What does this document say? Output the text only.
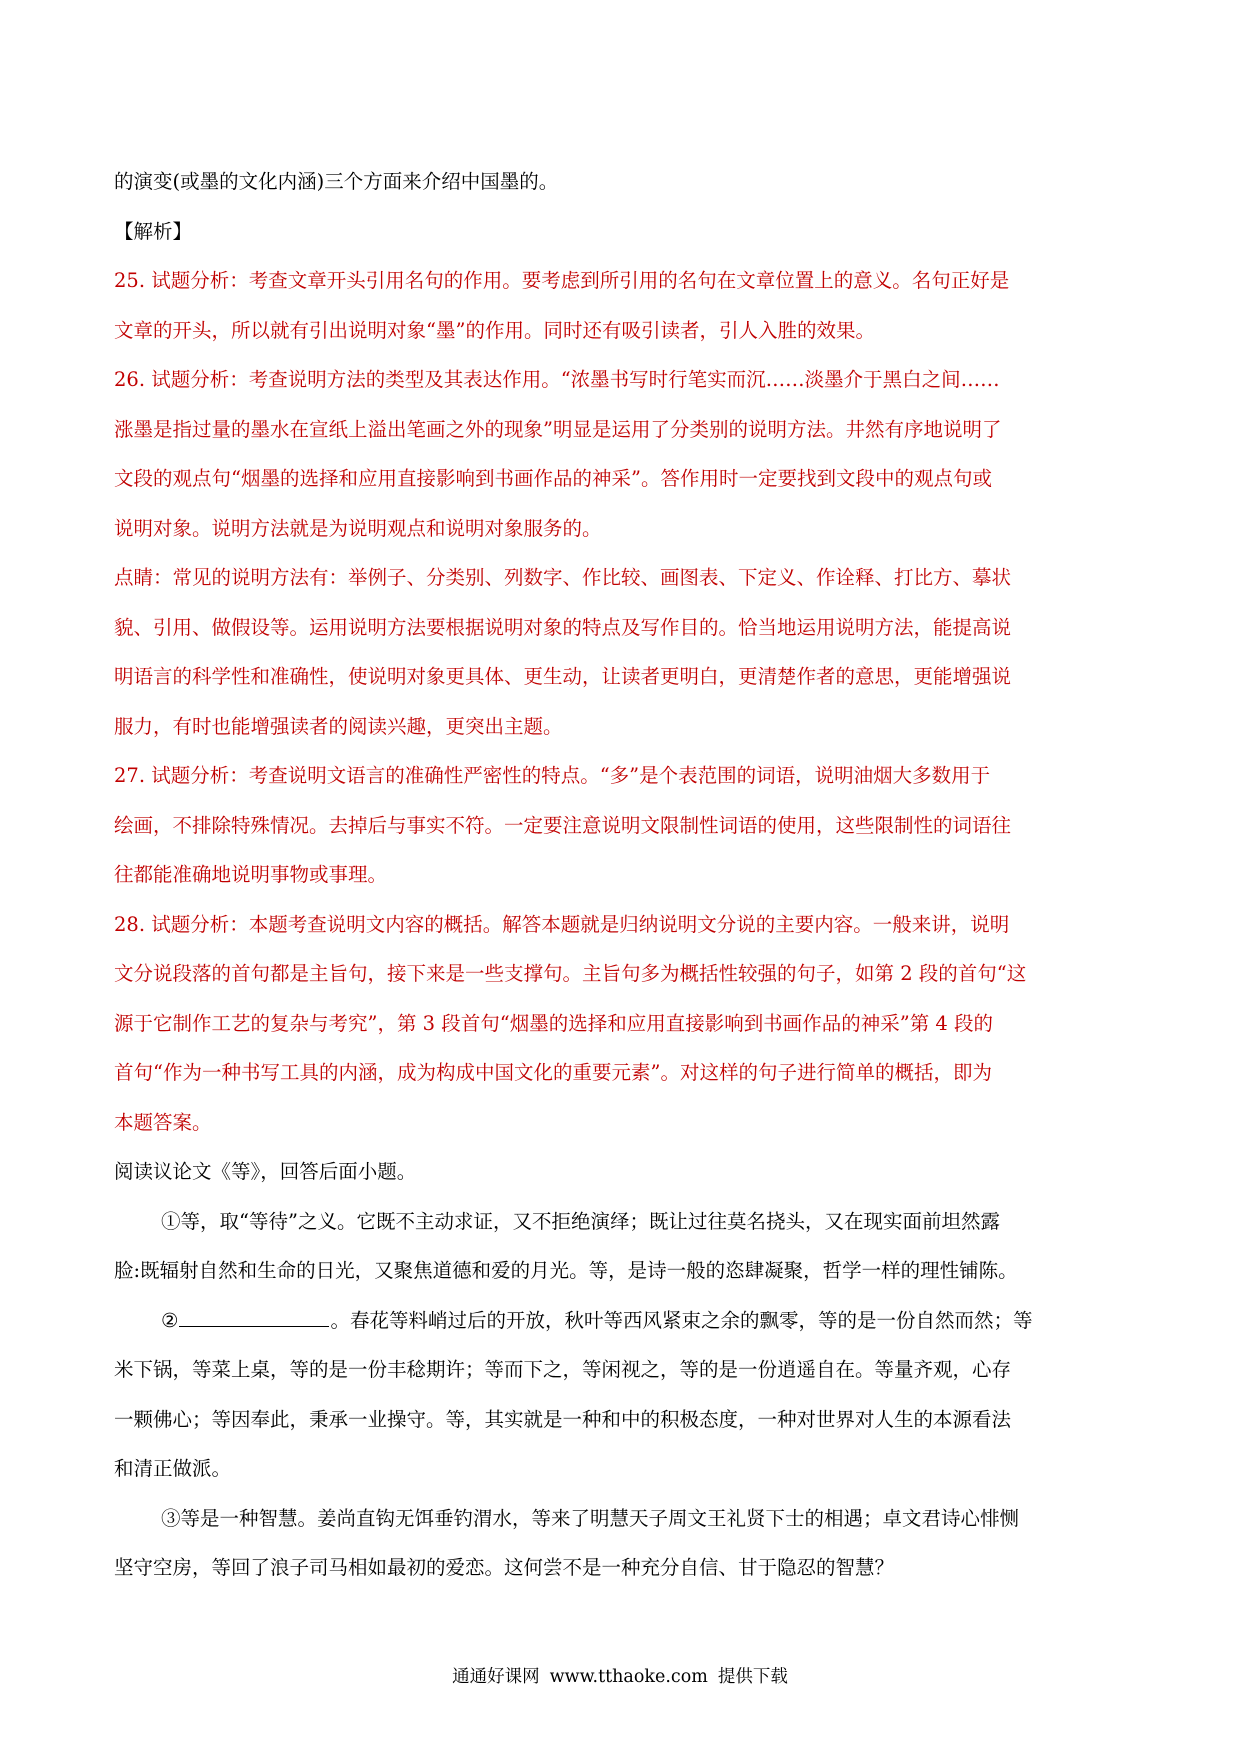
的演变(或墨的文化内涵)三个方面来介绍中国墨的。
【解析】
25. 试题分析：考查文章开头引用名句的作用。要考虑到所引用的名句在文章位置上的意义。名句正好是
文章的开头，所以就有引出说明对象“墨”的作用。同时还有吸引读者，引人入胜的效果。
26. 试题分析：考查说明方法的类型及其表达作用。“浓墨书写时行笔实而沉……淡墨介于黑白之间……
涨墨是指过量的墨水在宣纸上溢出笔画之外的现象”明显是运用了分类别的说明方法。井然有序地说明了
文段的观点句“烟墨的选择和应用直接影响到书画作品的神采”。答作用时一定要找到文段中的观点句或
说明对象。说明方法就是为说明观点和说明对象服务的。
点睛：常见的说明方法有：举例子、分类别、列数字、作比较、画图表、下定义、作诠释、打比方、摹状
貌、引用、做假设等。运用说明方法要根据说明对象的特点及写作目的。恰当地运用说明方法，能提高说
明语言的科学性和准确性，使说明对象更具体、更生动，让读者更明白，更清楚作者的意思，更能增强说
服力，有时也能增强读者的阅读兴趣，更突出主题。
27. 试题分析：考查说明文语言的准确性严密性的特点。“多”是个表范围的词语，说明油烟大多数用于
绘画，不排除特殊情况。去掉后与事实不符。一定要注意说明文限制性词语的使用，这些限制性的词语往
往都能准确地说明事物或事理。
28. 试题分析：本题考查说明文内容的概括。解答本题就是归纳说明文分说的主要内容。一般来讲，说明
文分说段落的首句都是主旨句，接下来是一些支撑句。主旨句多为概括性较强的句子，如第 2 段的首句“这
源于它制作工艺的复杂与考究”，第 3 段首句“烟墨的选择和应用直接影响到书画作品的神采”第 4 段的
首句“作为一种书写工具的内涵，成为构成中国文化的重要元素”。对这样的句子进行简单的概括，即为
本题答案。
阅读议论文《等》，回答后面小题。
①等，取“等待”之义。它既不主动求证，又不拒绝演绎；既让过往莫名挠头，又在现实面前坦然露
脸:既辐射自然和生命的日光，又聚焦道德和爱的月光。等，是诗一般的恣肆凝聚，哲学一样的理性铺陈。
②	。春花等料峭过后的开放，秋叶等西风紧束之余的飘零，等的是一份自然而然；等
米下锅，等菜上桌，等的是一份丰稔期许；等而下之，等闲视之，等的是一份逍遥自在。等量齐观，心存
一颗佛心；等因奉此，秉承一业操守。等，其实就是一种和中的积极态度，一种对世界对人生的本源看法
和清正做派。
③等是一种智慧。姜尚直钩无饵垂钓渭水，等来了明慧天子周文王礼贤下士的相遇；卓文君诗心悱恻
坚守空房，等回了浪子司马相如最初的爱恋。这何尝不是一种充分自信、甘于隐忍的智慧？
通通好课网 www.tthaoke.com 提供下载
